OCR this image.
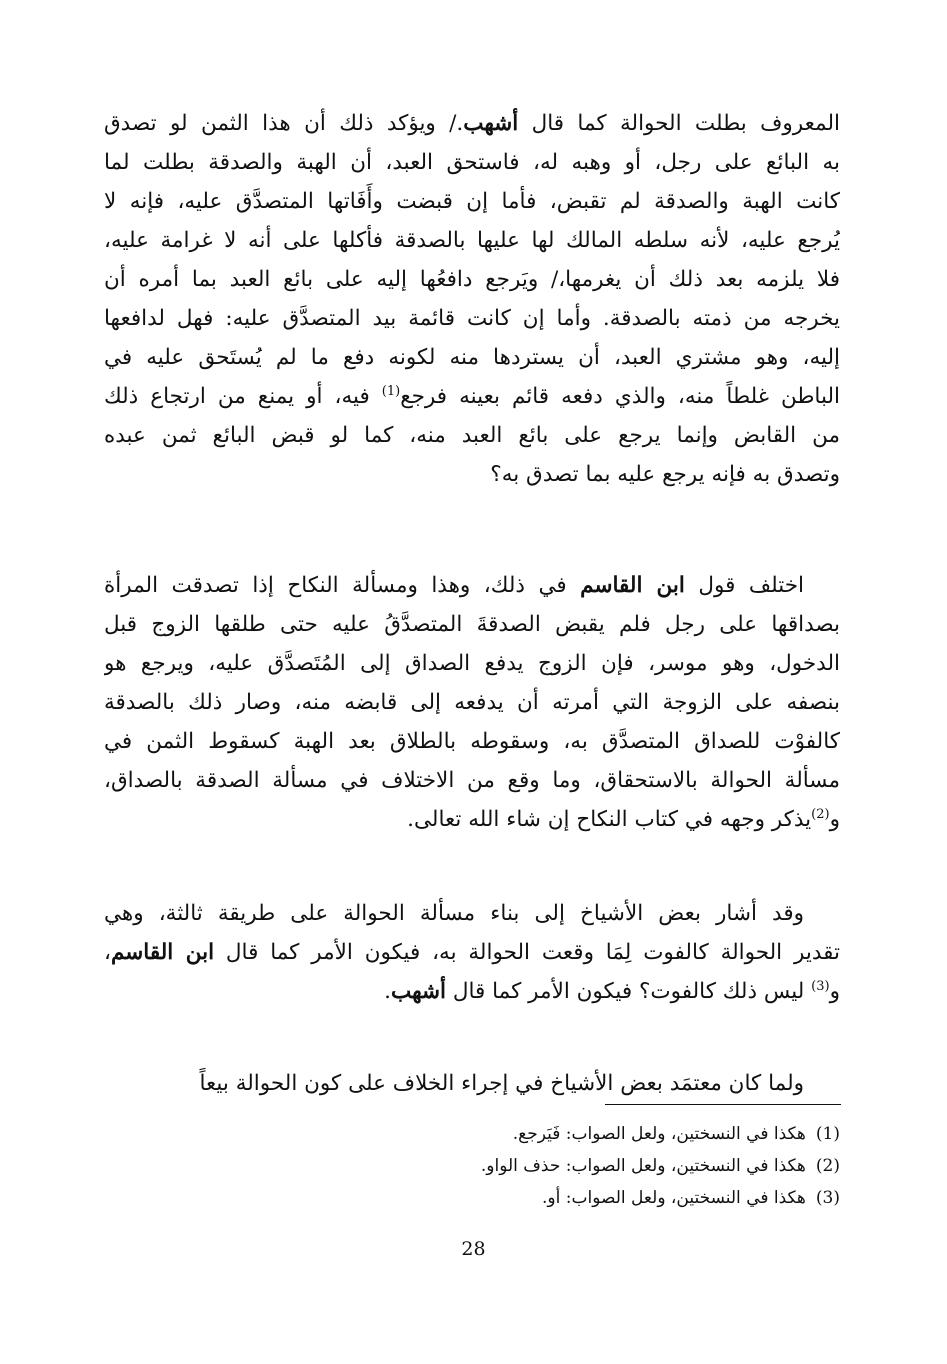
المعروف بطلت الحوالة كما قال أشهب./ ويؤكد ذلك أن هذا الثمن لو تصدق
به البائع على رجل، أو وهبه له، فاستحق العبد، أن الهبة والصدقة بطلت لما
كانت الهبة والصدقة لم تقبض، فأما إن قبضت وأَفَاتها المتصدَّق عليه، فإنه لا
يُرجع عليه، لأنه سلطه المالك لها عليها بالصدقة فأكلها على أنه لا غرامة عليه،
فلا يلزمه بعد ذلك أن يغرمها،/ ويَرجع دافعُها إليه على بائع العبد بما أمره أن
يخرجه من ذمته بالصدقة. وأما إن كانت قائمة بيد المتصدَّق عليه: فهل لدافعها
إليه، وهو مشتري العبد، أن يستردها منه لكونه دفع ما لم يُستَحق عليه في
الباطن غلطاً منه، والذي دفعه قائم بعينه فرجع$^{(1)}$ فيه، أو يمنع من ارتجاع ذلك
من القابض وإنما يرجع على بائع العبد منه، كما لو قبض البائع ثمن عبده
وتصدق به فإنه يرجع عليه بما تصدق به؟
اختلف قول ابن القاسم في ذلك، وهذا ومسألة النكاح إذا تصدقت المرأة
بصداقها على رجل فلم يقبض الصدقةَ المتصدَّقُ عليه حتى طلقها الزوج قبل
الدخول، وهو موسر، فإن الزوج يدفع الصداق إلى المُتَصدَّق عليه، ويرجع هو
بنصفه على الزوجة التي أمرته أن يدفعه إلى قابضه منه، وصار ذلك بالصدقة
كالفوْت للصداق المتصدَّق به، وسقوطه بالطلاق بعد الهبة كسقوط الثمن في
مسألة الحوالة بالاستحقاق، وما وقع من الاختلاف في مسألة الصدقة بالصداق،
و$^{(2)}$يذكر وجهه في كتاب النكاح إن شاء الله تعالى.
وقد أشار بعض الأشياخ إلى بناء مسألة الحوالة على طريقة ثالثة، وهي
تقدير الحوالة كالفوت لِمَا وقعت الحوالة به، فيكون الأمر كما قال ابن القاسم،
و$^{(3)}$ ليس ذلك كالفوت؟ فيكون الأمر كما قال أشهب.
ولما كان معتمَد بعض الأشياخ في إجراء الخلاف على كون الحوالة بيعاً
(1)هكذا في النسختين، ولعل الصواب: فَيَرجع.
(2)هكذا في النسختين، ولعل الصواب: حذف الواو.
(3)هكذا في النسختين، ولعل الصواب: أو.
28
